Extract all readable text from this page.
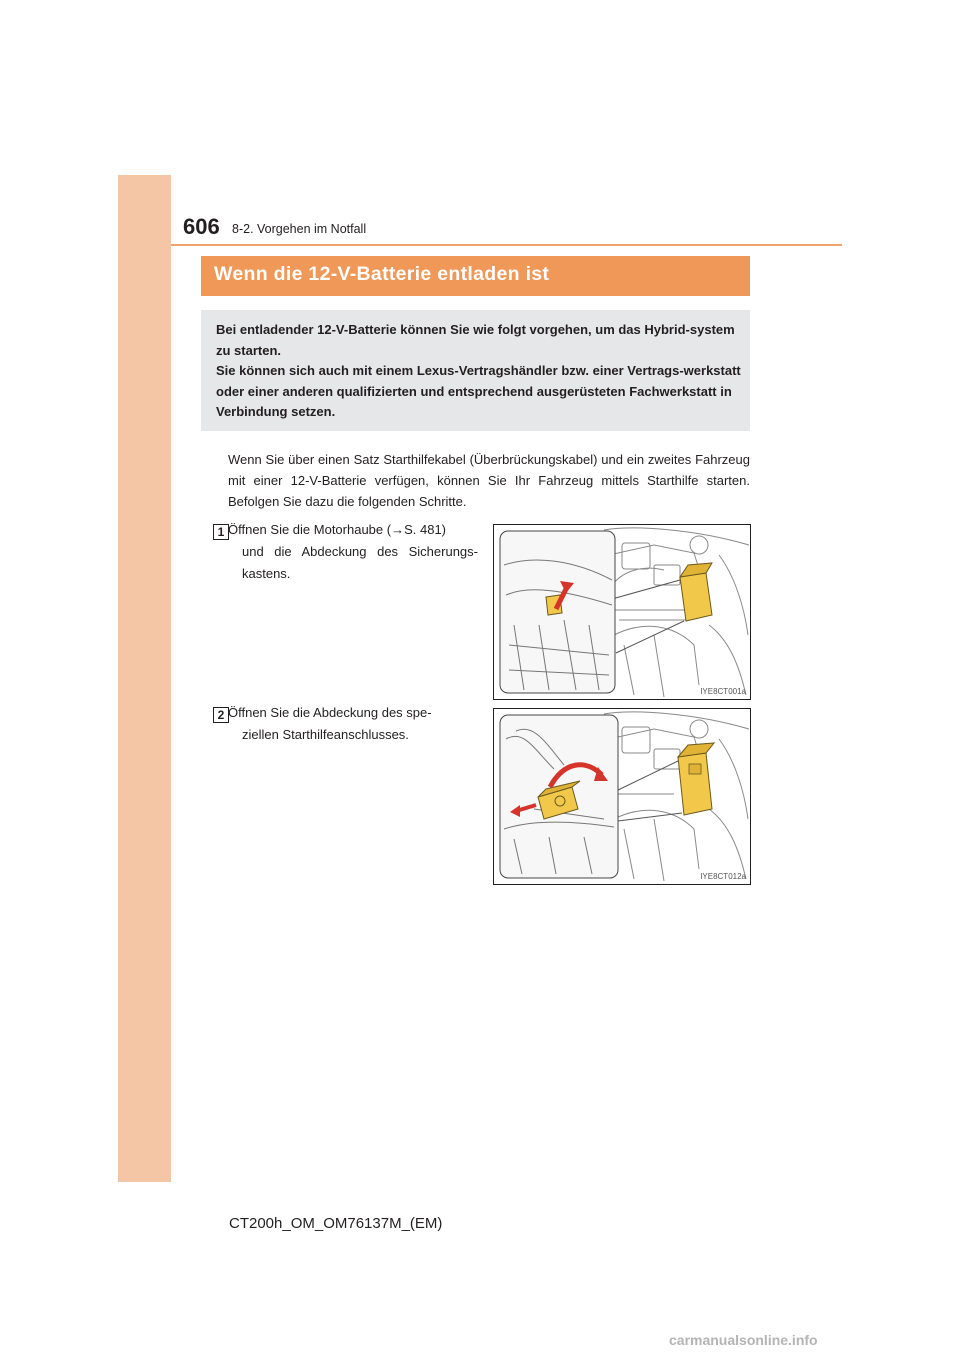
606 8-2. Vorgehen im Notfall
Wenn die 12-V-Batterie entladen ist

Bei entladender 12-V-Batterie können Sie wie folgt vorgehen, um das Hybrid-system zu starten.

Sie können sich auch mit einem Lexus-Vertragshändler bzw. einer Vertrags-werkstatt oder einer anderen qualifizierten und entsprechend ausgerüsteten Fachwerkstatt in Verbindung setzen.

Wenn Sie über einen Satz Starthilfekabel (Überbrückungskabel) und ein zweites Fahrzeug mit einer 12-V-Batterie verfügen, können Sie Ihr Fahrzeug mittels Starthilfe starten. Befolgen Sie dazu die folgenden Schritte.
1 Öffnen Sie die Motorhaube (→S. 481)
und die Abdeckung des Sicherungs-kastens.
IYE8CT001a
2 Öffnen Sie die Abdeckung des spe-
ziellen Starthilfeanschlusses.
IYE8CT012a
CT200h_OM_OM76137M_(EM)
carmanualsonline.info
